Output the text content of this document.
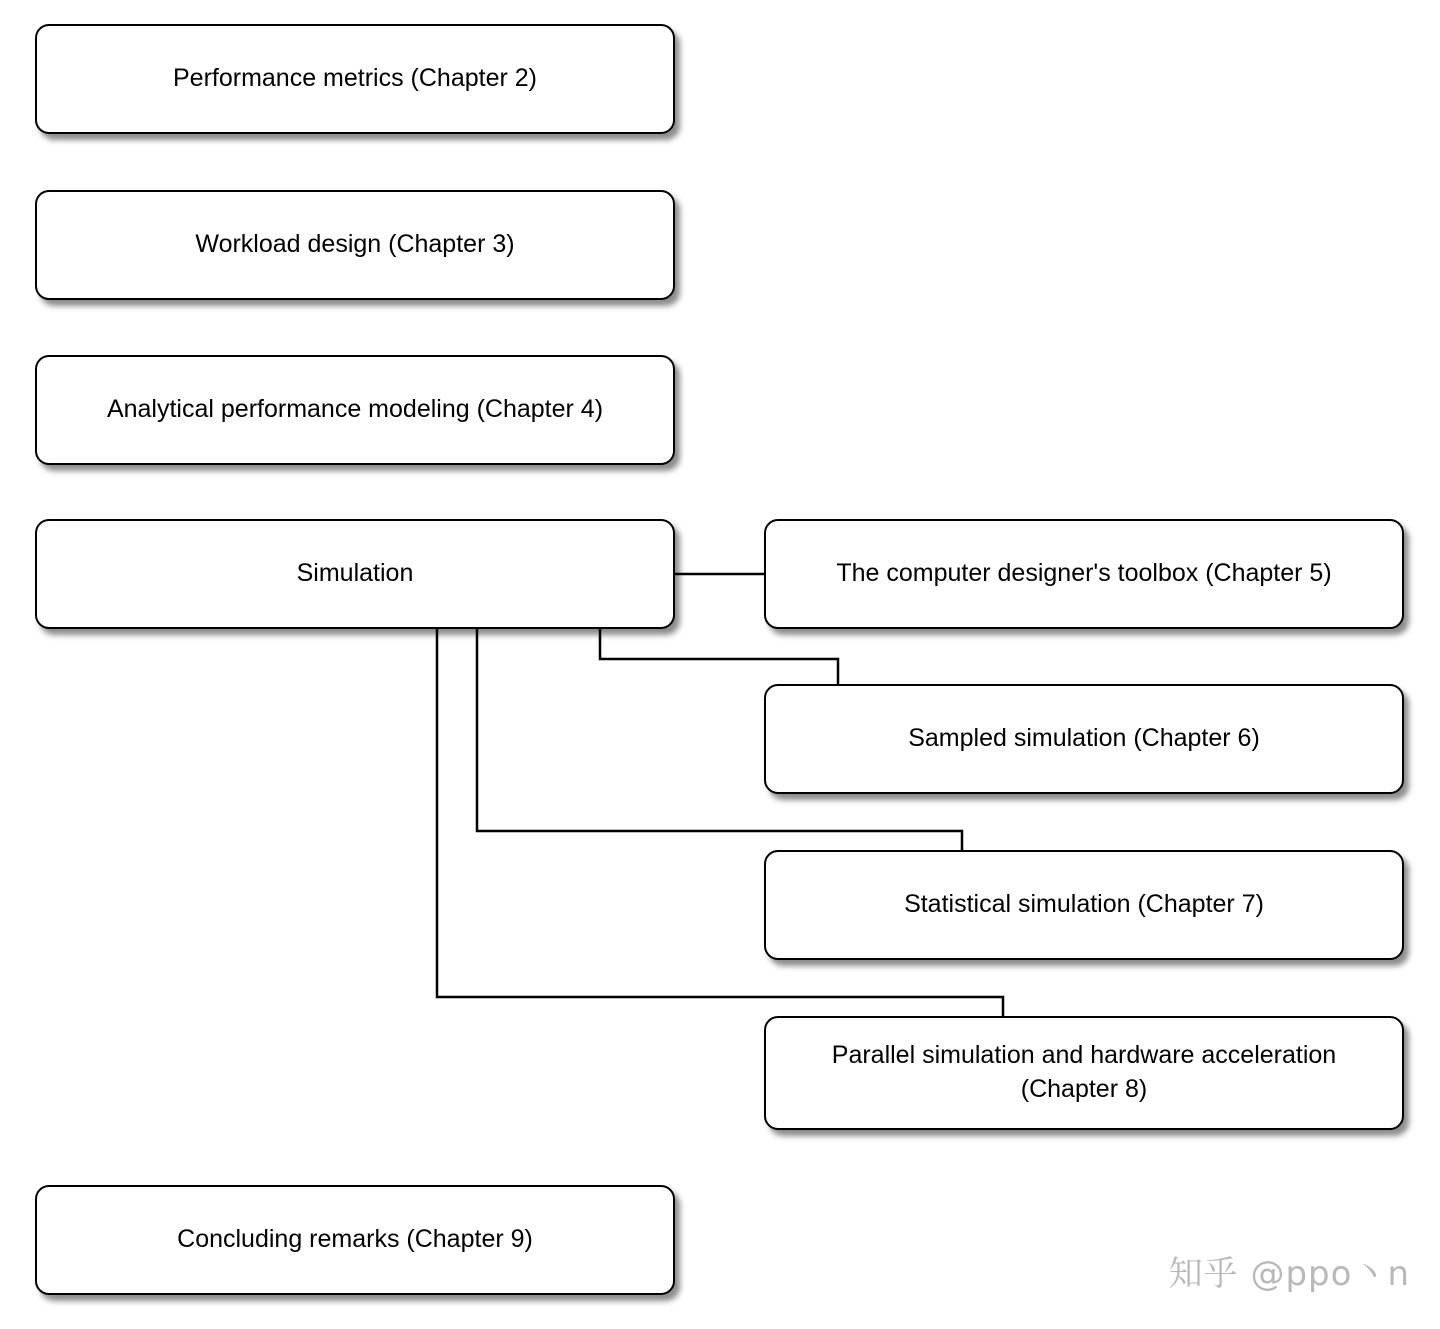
Performance metrics (Chapter 2)
Workload design (Chapter 3)
Analytical performance modeling (Chapter 4)
Simulation	The computer designer's toolbox (Chapter 5)
Sampled simulation (Chapter 6)
Statistical simulation (Chapter 7)
Parallel simulation and hardware acceleration (Chapter 8)
Concluding remarks (Chapter 9)
知乎 @ppo丶n
